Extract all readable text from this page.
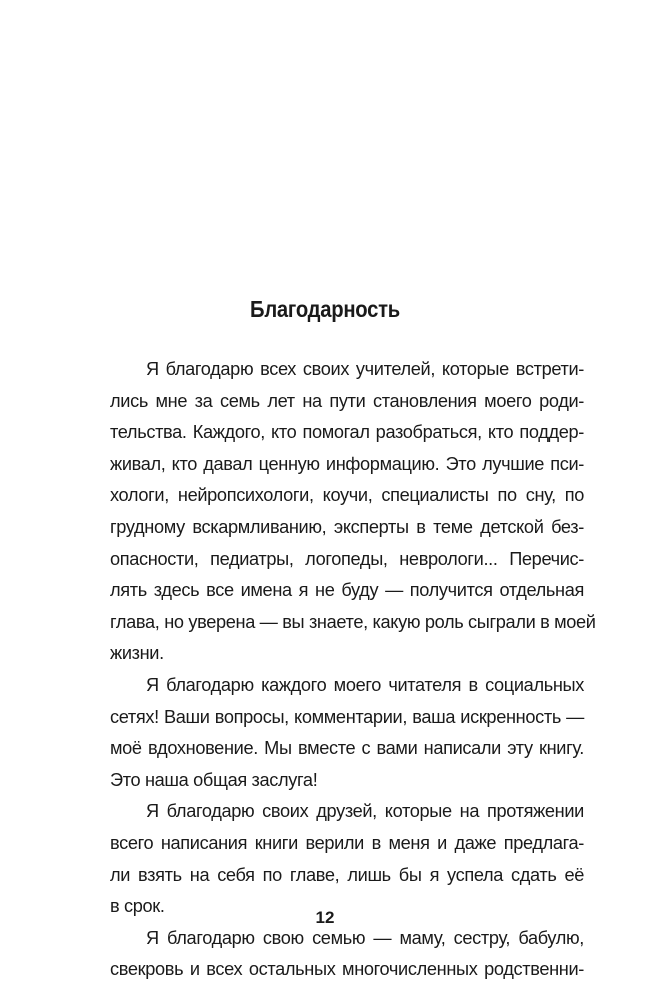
Благодарность
Я благодарю всех своих учителей, которые встрети-
лись мне за семь лет на пути становления моего роди-
тельства. Каждого, кто помогал разобраться, кто поддер-
живал, кто давал ценную информацию. Это лучшие пси-
хологи, нейропсихологи, коучи, специалисты по сну, по
грудному вскармливанию, эксперты в теме детской без-
опасности, педиатры, логопеды, неврологи... Перечис-
лять здесь все имена я не буду — получится отдельная
глава, но уверена — вы знаете, какую роль сыграли в моей
жизни.
Я благодарю каждого моего читателя в социальных
сетях! Ваши вопросы, комментарии, ваша искренность —
моё вдохновение. Мы вместе с вами написали эту книгу.
Это наша общая заслуга!
Я благодарю своих друзей, которые на протяжении
всего написания книги верили в меня и даже предлага-
ли взять на себя по главе, лишь бы я успела сдать её
в срок.
Я благодарю свою семью — маму, сестру, бабулю,
свекровь и всех остальных многочисленных родственни-
12
